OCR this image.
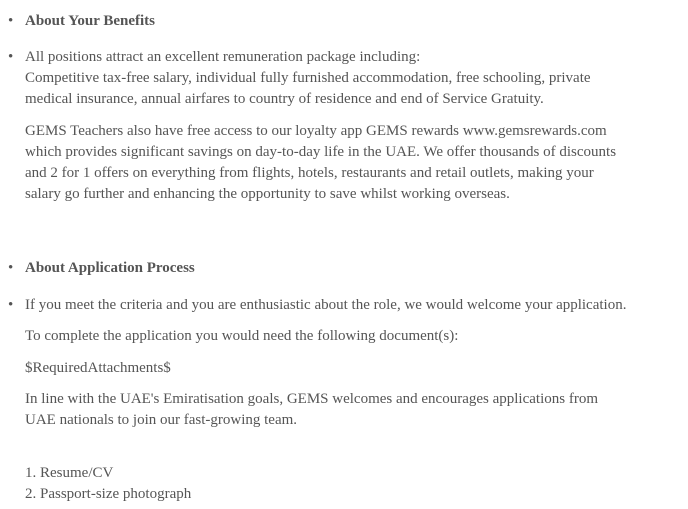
• About Your Benefits
• All positions attract an excellent remuneration package including:
Competitive tax-free salary, individual fully furnished accommodation, free schooling, private
medical insurance, annual airfares to country of residence and end of Service Gratuity.
GEMS Teachers also have free access to our loyalty app GEMS rewards www.gemsrewards.com
which provides significant savings on day-to-day life in the UAE. We offer thousands of discounts
and 2 for 1 offers on everything from flights, hotels, restaurants and retail outlets, making your
salary go further and enhancing the opportunity to save whilst working overseas.
• About Application Process
• If you meet the criteria and you are enthusiastic about the role, we would welcome your application.
To complete the application you would need the following document(s):
$RequiredAttachments$
In line with the UAE's Emiratisation goals, GEMS welcomes and encourages applications from
UAE nationals to join our fast-growing team.
1. Resume/CV
2. Passport-size photograph
